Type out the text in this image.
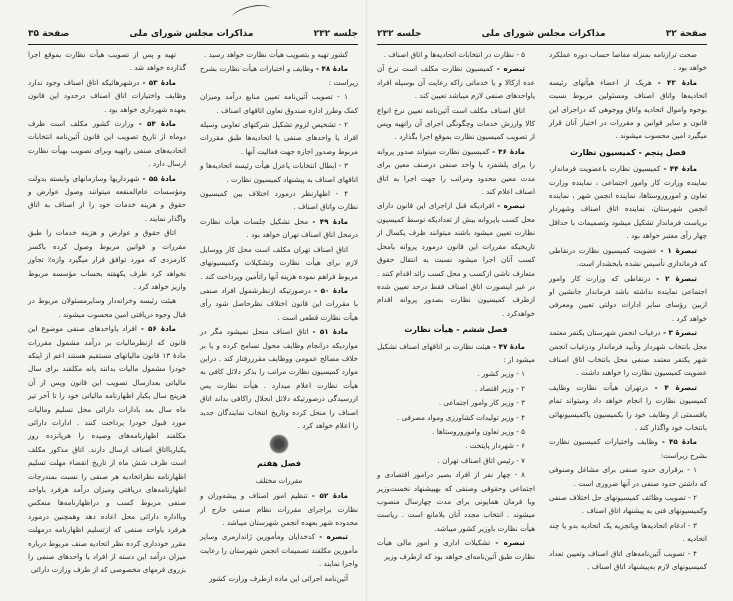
جلسه ۲۳۲
مذاکرات مجلس شورای ملی
صفحة ۳۵

کشور تهیه و بتصویب هیأت نظارت خواهد رسید .

مادهٔ ۴۸ - وظایف و اختیارات هیأت نظارت بشرح زیراست :

۱ - تصویب آئین‌نامه تعیین منابع درآمد ومیزان کمک وطرز اداره صندوق تعاون اتاقهای اصناف .

۲ - تشخیص لزوم تشکیل شرکتهای تعاونی وسیله افراد یا واحدهای صنفی یا اتحادیه‌ها طبق مقررات مربوط وصدور اجازه جهت فعالیت آنها .

۳ - ابطال انتخابات یاعزل هیأت رئیسه اتحادیه‌ها و اتاقهای اصناف به پیشنهاد کمیسیون نظارت .

۴ - اظهارنظر درمورد اختلاف بین کمیسیون نظارت واتاق اصناف .

مادهٔ ۴۹ - محل تشکیل جلسات هیأت نظارت درمحل اتاق اصناف تهران خواهد بود .

اتاق اصناف تهران مکلف است محل کار ووسایل لازم برای هیأت نظارت وتشکیلات وکمیسیونهای مربوط فراهم نموده هزینه آنها راتأمین وپرداخت کند .

مادهٔ ۵۰ - درصورتیکه ازنظرشمول افراد صنفی با مقررات این قانون اختلاف نظرحاصل شود رأی هیأت نظارت قطعی است .

مادهٔ ۵۱ - اتاق اصناف منحل نمیشود مگر در مواردیکه درانجام وظایف محول تسامح کرده و یا بر خلاف مصالح عمومی ووظایف مقرررفتار کند . دراین موارد کمیسیون نظارت مراتب را بذکر دلائل کافی به هیأت نظارت اعلام میدارد . هیأت نظارت پس ازرسیدگی درصورتیکه دلائل انحلال راکافی بداند اتاق اصناف را منحل کرده وتاریخ انتخاب نمایندگان جدید را اعلام خواهد کرد .

فصل هفتم

مقررات مختلف

مادهٔ ۵۲ - تنظیم امور اصناف و پیشه‌وران و نظارت براجرای مقررات نظام صنفی خارج از محدوده شهر بعهده انجمن شهرستان میباشد .

تبصره - کدخدایان ومأمورین ژاندارمری وسایر مأمورین مکلفند تصمیمات انجمن شهرستان را رعایت واجرا نمایند .

آئین‌نامه اجرائی این ماده ازطرف وزارت کشور

تهیه و پس از تصویب هیأت نظارت بموقع اجرا گذارده خواهد شد .

مادهٔ ۵۳ - درشهرهائیکه اتاق اصناف وجود ندارد وظایف واختیارات اتاق اصناف درحدود این قانون بعهده شهرداری خواهد بود .

مادهٔ ۵۴ - وزارت کشور مکلف است ظرف دوماه از تاریخ تصویب این قانون آئین‌نامه انتخابات اتحادیه‌های صنفی راتهیه وبرای تصویب بهیأت نظارت ارسال دارد .

مادهٔ ۵۵ - شهرداریها وسازمانهای وابسته بدولت ومؤسسات عام‌المنفعه میتوانند وصول عوارض و حقوق و هزینه خدمات خود را از اصناف به اتاق واگذار نمایند .

اتاق حقوق و عوارض و هزینه خدمات را طبق مقررات و قوانین مربوط وصول کرده باکسر کارمزدی که مورد توافق قرار میگیرد وازه٪ تجاوز نخواهد کرد ظرف یکهفته بحساب مؤسسه مربوط واریز خواهد کرد .

هیئت رئیسه وخزانه‌دار وسایرمسئولان مربوط در قبال وجوه دریافتی امین محسوب میشوند .

مادهٔ ۵۶ - افراد یاواحدهای صنفی موضوع این قانون که ازنظرمالیات بر درآمد مشمول مقررات مادهٔ ۱۳ قانون مالیاتهای مستقیم هستند اعم از اینکه خودرا مشمول مالیات بدانند یانه مکلفند برای سال مالیاتی بعدازسال تصویب این قانون وپس از آن هرپنج سال یکبار اظهارنامه مالیاتی خود را تا آخر تیر ماه سال بعد بادارات دارائی محل تسلیم ومالیات مورد قبول خودرا پرداخت کنند . ادارات دارائی مکلفند اظهارنامه‌های وصیده را هرپانزده روز یکباربااتاق اصناف ارسال دارند. اتاق مذکور مکلف است ظرف شش ماه از تاریخ انقضاء مهلت تسلیم اظهارنامه نظراتحادیه هر صنفی را نسبت بمندرجات اظهارنامه‌های دریافتی ومیزان درآمد هرفرد یاواحد صنفی مربوط کسب و دراظهارنامه‌ها منعکس وبااداره دارائی محل اعاده دهد وهمچنین درمورد هرفرد یاواحد صنفی که ازتسلیم اظهارنامه درمهلت مقرر خودداری کرده نظر اتحادیه صنف مربوط درباره میزان درآمد این دسته از افراد یا واحدهای صنفی را بزروی فرمهای مخصوصی که از طرف وزارت دارائی

صفحة ۳۲
مذاکرات مجلس شورای ملی
جلسه ۲۳۲

صحت ترازنامه بمنزله مفاصا حساب دوره عملکرد خواهد بود .

مادهٔ ۴۳ - هریک از اعضاء هیأتهای رئیسه اتحادیه‌ها واتاق اصناف ومسئولین مربوط نسبت بوجوه واموال اتحادیه واتاق ووجوهی که دراجرای این قانون و سایر قوانین و مقررات در اختیار آنان قرار میگیرد امین محسوب میشوند .

فصل پنجم - کمیسیون نظارت

مادهٔ ۴۴ - کمیسیون نظارت باعضویت فرماندار، نماینده وزارت کار وامور اجتماعی ، نماینده وزارت تعاون و اموروروستاها، نماینده انجمن شهر ، نماینده انجمن شهرستان، نماینده اتاق اصناف وشهردار بریاست فرماندار تشکیل میشود وتصمیمات با حداقل چهار رأی معتبر خواهد بود .

تبصرهٔ ۱ - عضویت کمیسیون نظارت درنقاطی که فرمانداری تأسیس نشده بابخشدار است.

تبصرهٔ ۲ - درنقاطی که وزارت کار وامور اجتماعی نماینده نداشته باشد فرماندار جانشین او ازبین رؤسای سایر ادارات دولتی تعیین ومعرفی خواهد کرد .

تبصرهٔ ۳ - درغیاب انجمن شهرستان یکنفر معتمد محل بانتخاب شهردار وتأیید فرماندار ودرغیاب انجمن شهر یکنفر معتمد صنفی محل بانتخاب اتاق اصناف عضویت کمیسیون نظارت را خواهند داشت .

تبصرهٔ ۴ - درتهران هیأت نظارت وظایف کمیسیون نظارت را انجام خواهد داد ومیتواند تمام یاقسمتی از وظایف خود را بکمیسیون یاکمیسیونهائی بانتخاب خود واگذار کند .

مادهٔ ۴۵ - وظایف واختیارات کمیسیون نظارت بشرح زیراست:

۱ - برقراری حدود صنفی برای مشاغل وصنوفی که داشتن حدود صنفی در آنها ضروری است .

۲ - تصویب وظائف کمیسیونهای حل اختلاف صنفی وکمیسیونهای فنی به پیشنهاد اتاق اصناف .

۳ - ادغام اتحادیه‌ها ویاتجزیه یک اتحادیه بدو یا چند اتحادیه .

۴ - تصویب آئین‌نامه‌های اتاق اصناف وتعیین تعداد کمیسیونهای لازم به‌پیشنهاد اتاق اصناف .

۵ - نظارت در انتخابات اتحادیه‌ها و اتاق اصناف .

تبصره - کمیسیون نظارت مکلف است نرخ آن عده ازکالا و یا خدماتی راکه رعایت آن بوسیله افراد یاواحدهای صنفی لازم میباشد تعیین کند .

اتاق اصناف مکلف است آئین‌نامه تعیین نرخ انواع کالا وارزش خدمات وچگونگی اجرای آن راتهیه وپس از تصویب کمیسیون نظارت بموقع اجرا بگذارد .

مادهٔ ۴۶ - کمیسیون نظارت میتواند صدور پروانه را برای پلشفرد یا واحد صنفی درصنف معین برای مدت معین محدود ومراتب را جهت اجرا به اتاق اصناف اعلام کند .

تبصره - افرادیکه قبل ازاجرای این قانون دارای محل کسب یاپروانه بیش از تعدادیکه توسط کمیسیون نظارت تعیین میشود باشند میتوانند ظرف یکسال از تاریخیکه مقررات این قانون درمورد پروانه یامحل کسب آنان اجرا میشود نسبت به انتقال حقوق متعارف ناشی ازکسب و محل کسب زائد اقدام کنند . در غیر اینصورت اتاق اصناف فقط درحد تعیین شده ازطرف کمیسیون نظارت بصدور پروانه اقدام خواهدکرد .

فصل ششم - هیأت نظارت

مادهٔ ۴۷ - هیئت نظارت بر اتاقهای اصناف تشکیل میشود از :

۱ - وزیر کشور .

۲ - وزیر اقتصاد .

۳ - وزیر کار وامور اجتماعی .

۴ - وزیر تولیدات کشاورزی ومواد مصرفی .

۵ - وزیر تعاون واموروروستاها .

۶ - شهردار پایتخت .

۷ - رئیس اتاق اصناف تهران .

۸ - چهار نفر از افراد بصیر درامور اقتصادی و اجتماعی وحقوقی وصنفی که بهپیشنهاد نخست‌وزیر وبا فرمان همایونی برای مدت چهارسال منصوب میشوند . انتخاب مجدد آنان بلامانع است . ریاست هیأت نظارت باوزیر کشور میباشد.

تبصره - تشکیلات اداری و امور مالی هیأت نظارت طبق آئین‌نامه‌ای خواهد بود که ازطرف وزیر
